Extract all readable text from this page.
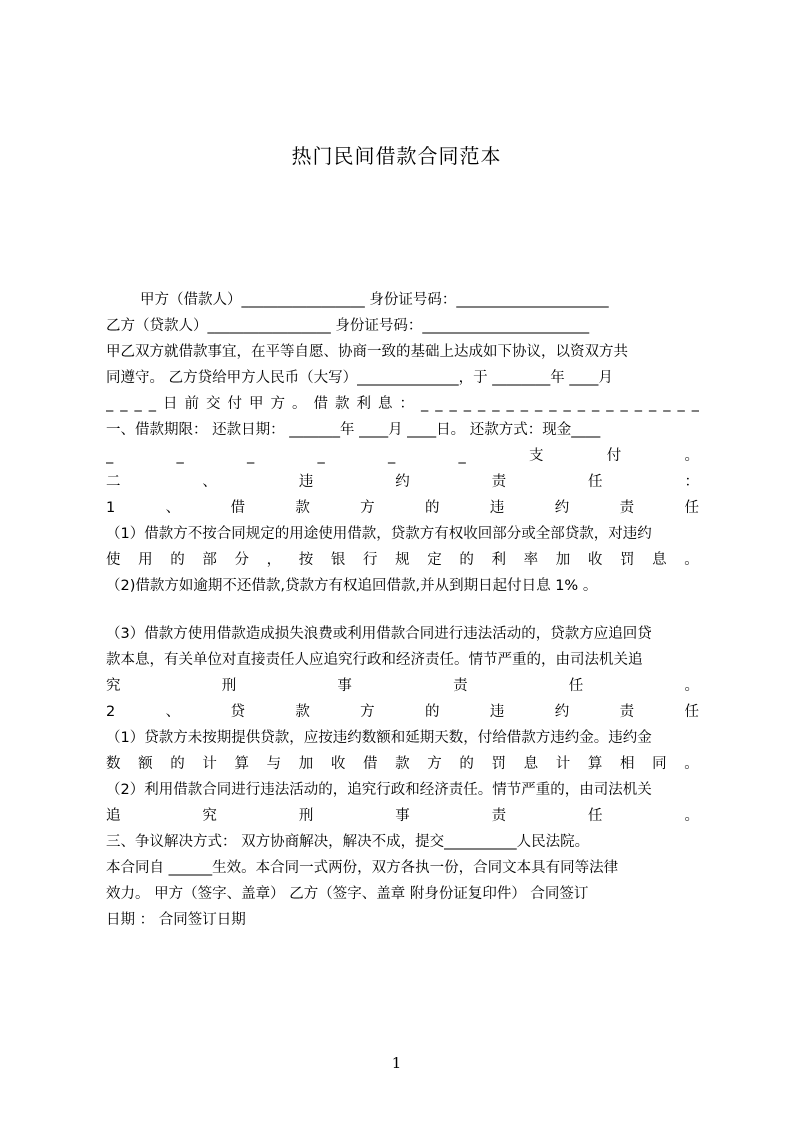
热门民间借款合同范本
甲方（借款人）_________________ 身份证号码：_____________________
乙方（贷款人）_________________ 身份证号码：_______________________
甲乙双方就借款事宜，在平等自愿、协商一致的基础上达成如下协议，以资双方共
同遵守。 乙方贷给甲方人民币（大写）______________，于 ________年 ____月
_ _ _ _ 日 前 交 付 甲 方 。 借 款 利 息 ： _ _ _ _ _ _ _ _ _ _ _ _ _ _ _ _ _ _ _ _
一、借款期限： 还款日期： _______年 ____月 ____日。 还款方式：现金____
_	_	_	_	_	_	支	付	。
二	、	违	约	责	任	：
1	、	借	款	方	的	违	约	责	任
（1）借款方不按合同规定的用途使用借款，贷款方有权收回部分或全部贷款，对违约
使 用 的 部 分 ， 按 银 行 规 定 的 利 率 加 收 罚 息 。
（2)借款方如逾期不还借款,贷款方有权追回借款,并从到期日起付日息 1% 。
（3）借款方使用借款造成损失浪费或利用借款合同进行违法活动的，贷款方应追回贷
款本息，有关单位对直接责任人应追究行政和经济责任。情节严重的，由司法机关追
究	刑	事	责	任	。
2	、	贷	款	方	的	违	约	责	任
（1）贷款方未按期提供贷款，应按违约数额和延期天数，付给借款方违约金。违约金
数 额 的 计 算 与 加 收 借 款 方 的 罚 息 计 算 相 同 。
（2）利用借款合同进行违法活动的，追究行政和经济责任。情节严重的，由司法机关
追	究	刑	事	责	任	。
三、争议解决方式： 双方协商解决，解决不成，提交__________人民法院。
本合同自 ______生效。本合同一式两份，双方各执一份，合同文本具有同等法律
效力。 甲方（签字、盖章） 乙方（签字、盖章 附身份证复印件） 合同签订
日期 ： 合同签订日期
1
